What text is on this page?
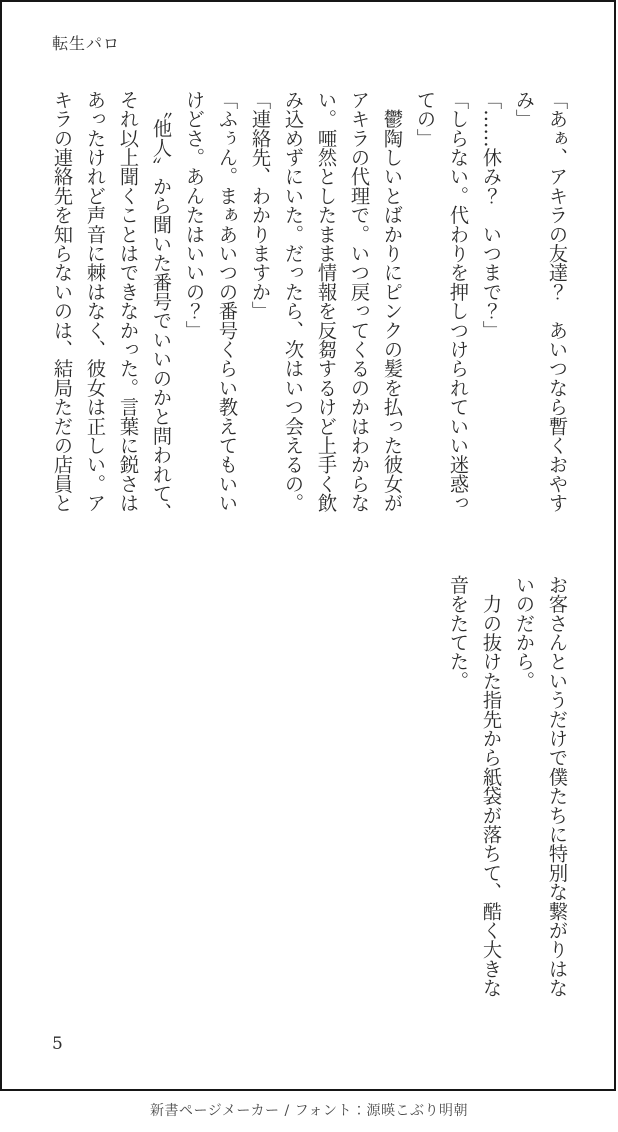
転生パロ

「あぁ、アキラの友達？　あいつなら暫くおやす

み」

「……休み？　いつまで？」

「しらない。代わりを押しつけられていい迷惑っ

ての」

　鬱陶しいとばかりにピンクの髪を払った彼女が

アキラの代理で。いつ戻ってくるのかはわからな

い。唖然としたまま情報を反芻するけど上手く飲

み込めずにいた。だったら、次はいつ会えるの。

「連絡先、わかりますか」

「ふぅん。まぁあいつの番号くらい教えてもいい

けどさ。あんたはいいの？」

　〝他人〟から聞いた番号でいいのかと問われて、

それ以上聞くことはできなかった。言葉に鋭さは

あったけれど声音に棘はなく、彼女は正しい。ア

キラの連絡先を知らないのは、結局ただの店員と

お客さんというだけで僕たちに特別な繋がりはな

いのだから。

　力の抜けた指先から紙袋が落ちて、酷く大きな

音をたてた。

5
新書ページメーカー / フォント：源暎こぶり明朝
